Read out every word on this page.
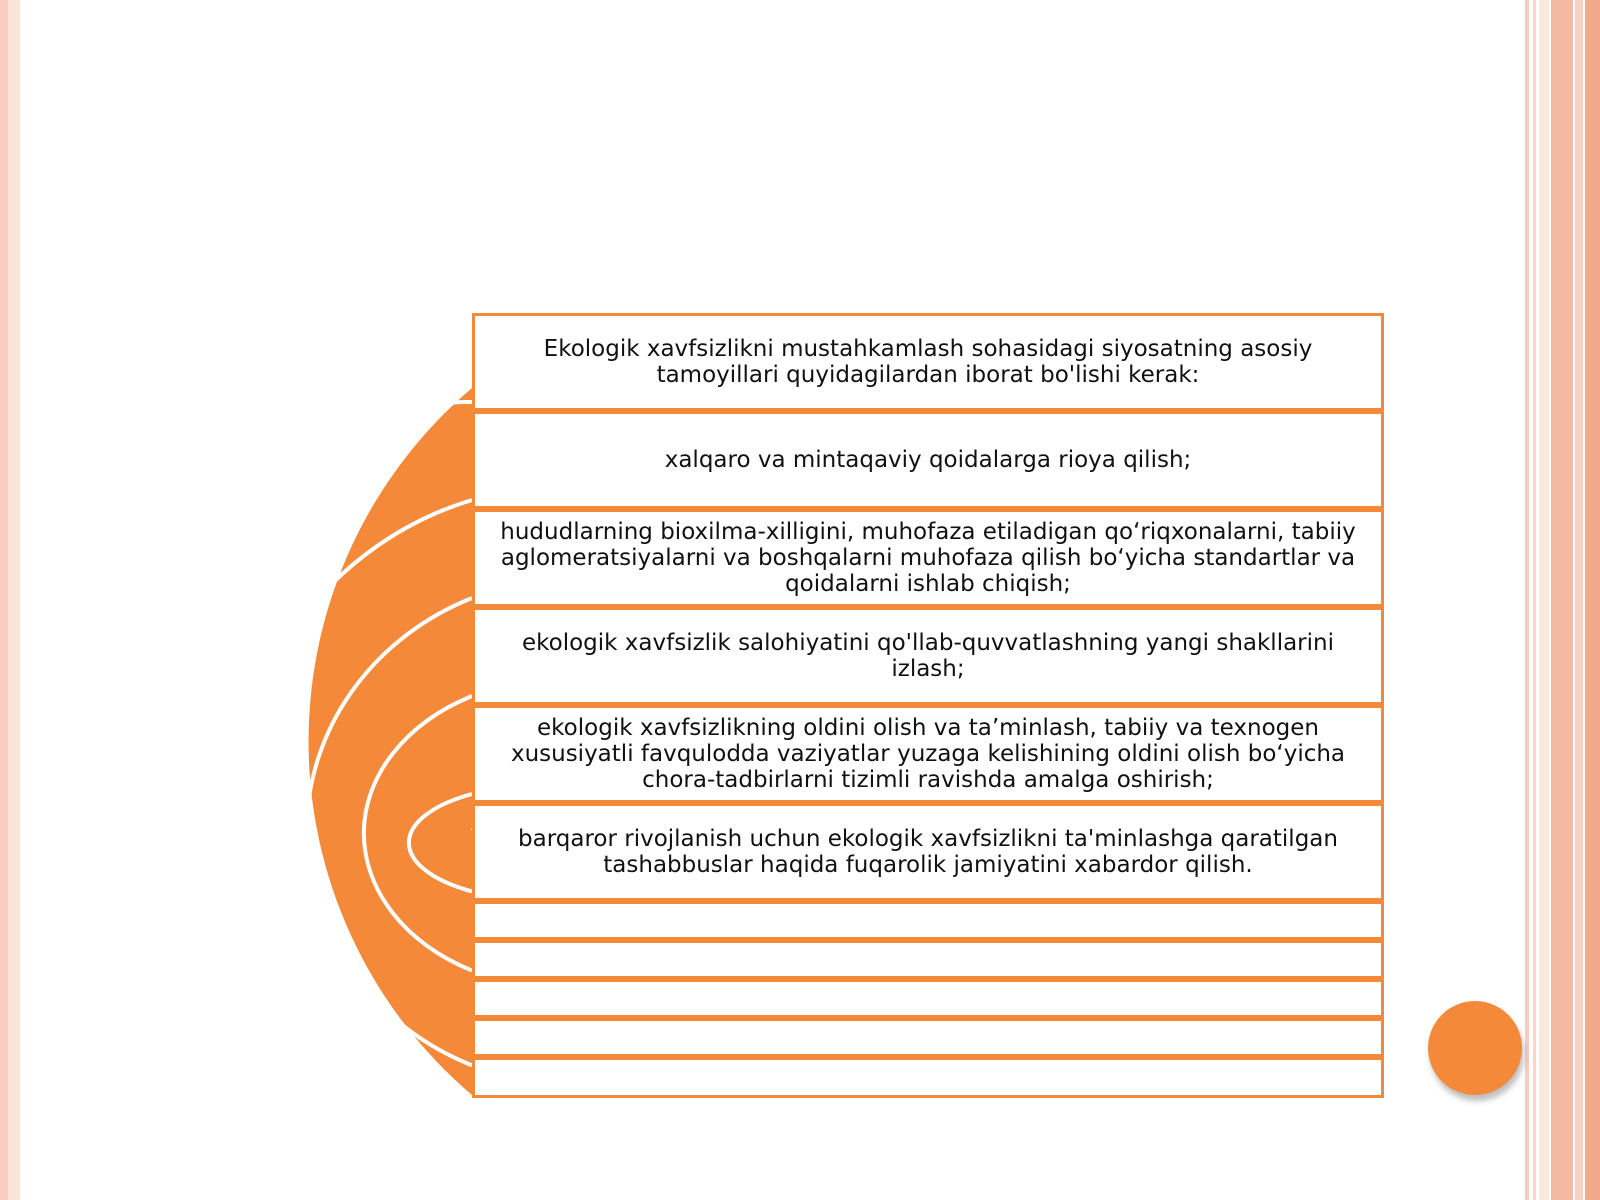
Ekologik xavfsizlikni mustahkamlash sohasidagi siyosatning asosiy tamoyillari quyidagilardan iborat bo'lishi kerak:
xalqaro va mintaqaviy qoidalarga rioya qilish;
hududlarning bioxilma-xilligini, muhofaza etiladigan qo‘riqxonalarni, tabiiy aglomeratsiyalarni va boshqalarni muhofaza qilish bo‘yicha standartlar va qoidalarni ishlab chiqish;
ekologik xavfsizlik salohiyatini qo'llab-quvvatlashning yangi shakllarini izlash;
ekologik xavfsizlikning oldini olish va ta’minlash, tabiiy va texnogen xususiyatli favqulodda vaziyatlar yuzaga kelishining oldini olish bo‘yicha chora-tadbirlarni tizimli ravishda amalga oshirish;
barqaror rivojlanish uchun ekologik xavfsizlikni ta'minlashga qaratilgan tashabbuslar haqida fuqarolik jamiyatini xabardor qilish.
